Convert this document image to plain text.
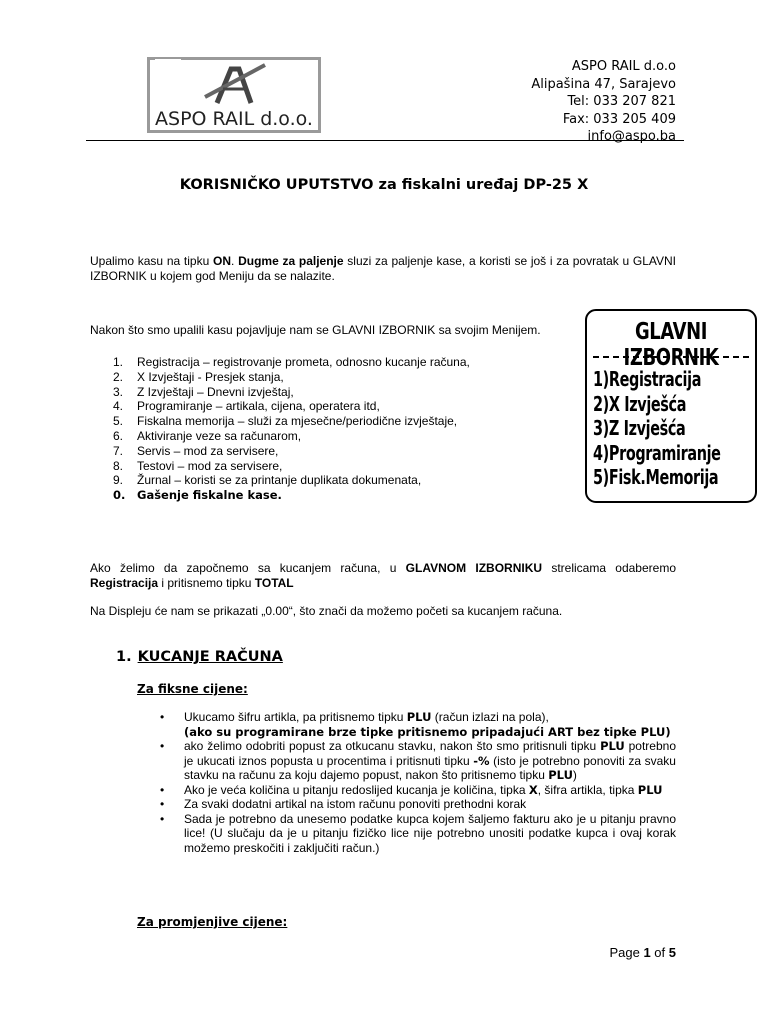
ASPO RAIL d.o.o.
ASPO RAIL d.o.o
Alipašina 47, Sarajevo
Tel: 033 207 821
Fax: 033 205 409
info@aspo.ba
KORISNIČKO UPUTSTVO za fiskalni uređaj DP-25 X
Upalimo kasu na tipku ON. Dugme za paljenje sluzi za paljenje kase, a koristi se još i za povratak u GLAVNI IZBORNIK u kojem god Meniju da se nalazite.
Nakon što smo upalili kasu pojavljuje nam se GLAVNI IZBORNIK sa svojim Menijem.
1.	Registracija – registrovanje prometa, odnosno kucanje računa,
2.	X Izvještaji - Presjek stanja,
3.	Z Izvještaji – Dnevni izvještaj,
4.	Programiranje – artikala, cijena, operatera itd,
5.	Fiskalna memorija – služi za mjesečne/periodične izvještaje,
6.	Aktiviranje veze sa računarom,
7.	Servis – mod za servisere,
8.	Testovi – mod za servisere,
9.	Žurnal – koristi se za printanje duplikata dokumenata,
0.	Gašenje fiskalne kase.
GLAVNI IZBORNIK
1)Registracija
2)X Izvješća
3)Z Izvješća
4)Programiranje
5)Fisk.Memorija
Ako želimo da započnemo sa kucanjem računa, u GLAVNOM IZBORNIKU strelicama odaberemo Registracija i pritisnemo tipku TOTAL
Na Displeju će nam se prikazati „0.00“, što znači da možemo početi sa kucanjem računa.
1. KUCANJE RAČUNA
Za fiksne cijene:
• Ukucamo šifru artikla, pa pritisnemo tipku PLU (račun izlazi na pola),
(ako su programirane brze tipke pritisnemo pripadajući ART bez tipke PLU)
• ako želimo odobriti popust za otkucanu stavku, nakon što smo pritisnuli tipku PLU potrebno je ukucati iznos popusta u procentima i pritisnuti tipku -% (isto je potrebno ponoviti za svaku stavku na računu za koju dajemo popust, nakon što pritisnemo tipku PLU)
• Ako je veća količina u pitanju redoslijed kucanja je količina, tipka X, šifra artikla, tipka PLU
• Za svaki dodatni artikal na istom računu ponoviti prethodni korak
• Sada je potrebno da unesemo podatke kupca kojem šaljemo fakturu ako je u pitanju pravno lice! (U slučaju da je u pitanju fizičko lice nije potrebno unositi podatke kupca i ovaj korak možemo preskočiti i zaključiti račun.)
Za promjenjive cijene:
Page 1 of 5
